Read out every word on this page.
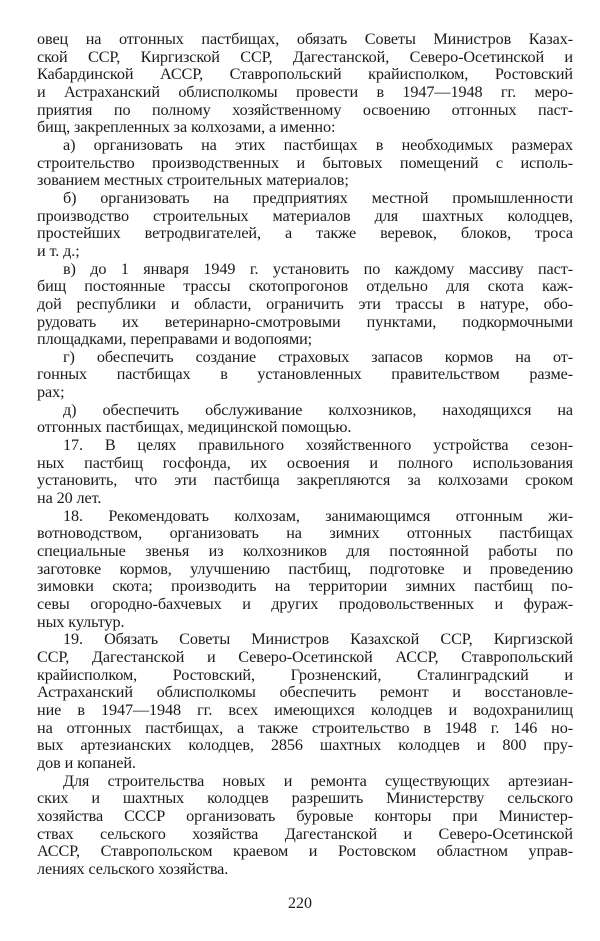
овец на отгонных пастбищах, обязать Советы Министров Казах-
ской ССР, Киргизской ССР, Дагестанской, Северо-Осетинской и
Кабардинской АССР, Ставропольский крайисполком, Ростовский
и Астраханский облисполкомы провести в 1947—1948 гг. меро-
приятия по полному хозяйственному освоению отгонных паст-
бищ, закрепленных за колхозами, а именно:
а) организовать на этих пастбищах в необходимых размерах
строительство производственных и бытовых помещений с исполь-
зованием местных строительных материалов;
б) организовать на предприятиях местной промышленности
производство строительных материалов для шахтных колодцев,
простейших ветродвигателей, а также веревок, блоков, троса
и т. д.;
в) до 1 января 1949 г. установить по каждому массиву паст-
бищ постоянные трассы скотопрогонов отдельно для скота каж-
дой республики и области, ограничить эти трассы в натуре, обо-
рудовать их ветеринарно-смотровыми пунктами, подкормочными
площадками, переправами и водопоями;
г) обеспечить создание страховых запасов кормов на от-
гонных пастбищах в установленных правительством разме-
рах;
д) обеспечить обслуживание колхозников, находящихся на
отгонных пастбищах, медицинской помощью.
17. В целях правильного хозяйственного устройства сезон-
ных пастбищ госфонда, их освоения и полного использования
установить, что эти пастбища закрепляются за колхозами сроком
на 20 лет.
18. Рекомендовать колхозам, занимающимся отгонным жи-
вотноводством, организовать на зимних отгонных пастбищах
специальные звенья из колхозников для постоянной работы по
заготовке кормов, улучшению пастбищ, подготовке и проведению
зимовки скота; производить на территории зимних пастбищ по-
севы огородно-бахчевых и других продовольственных и фураж-
ных культур.
19. Обязать Советы Министров Казахской ССР, Киргизской
ССР, Дагестанской и Северо-Осетинской АССР, Ставропольский
крайисполком, Ростовский, Грозненский, Сталинградский и
Астраханский облисполкомы обеспечить ремонт и восстановле-
ние в 1947—1948 гг. всех имеющихся колодцев и водохранилищ
на отгонных пастбищах, а также строительство в 1948 г. 146 но-
вых артезианских колодцев, 2856 шахтных колодцев и 800 пру-
дов и копаней.
Для строительства новых и ремонта существующих артезиан-
ских и шахтных колодцев разрешить Министерству сельского
хозяйства СССР организовать буровые конторы при Министер-
ствах сельского хозяйства Дагестанской и Северо-Осетинской
АССР, Ставропольском краевом и Ростовском областном управ-
лениях сельского хозяйства.
220
